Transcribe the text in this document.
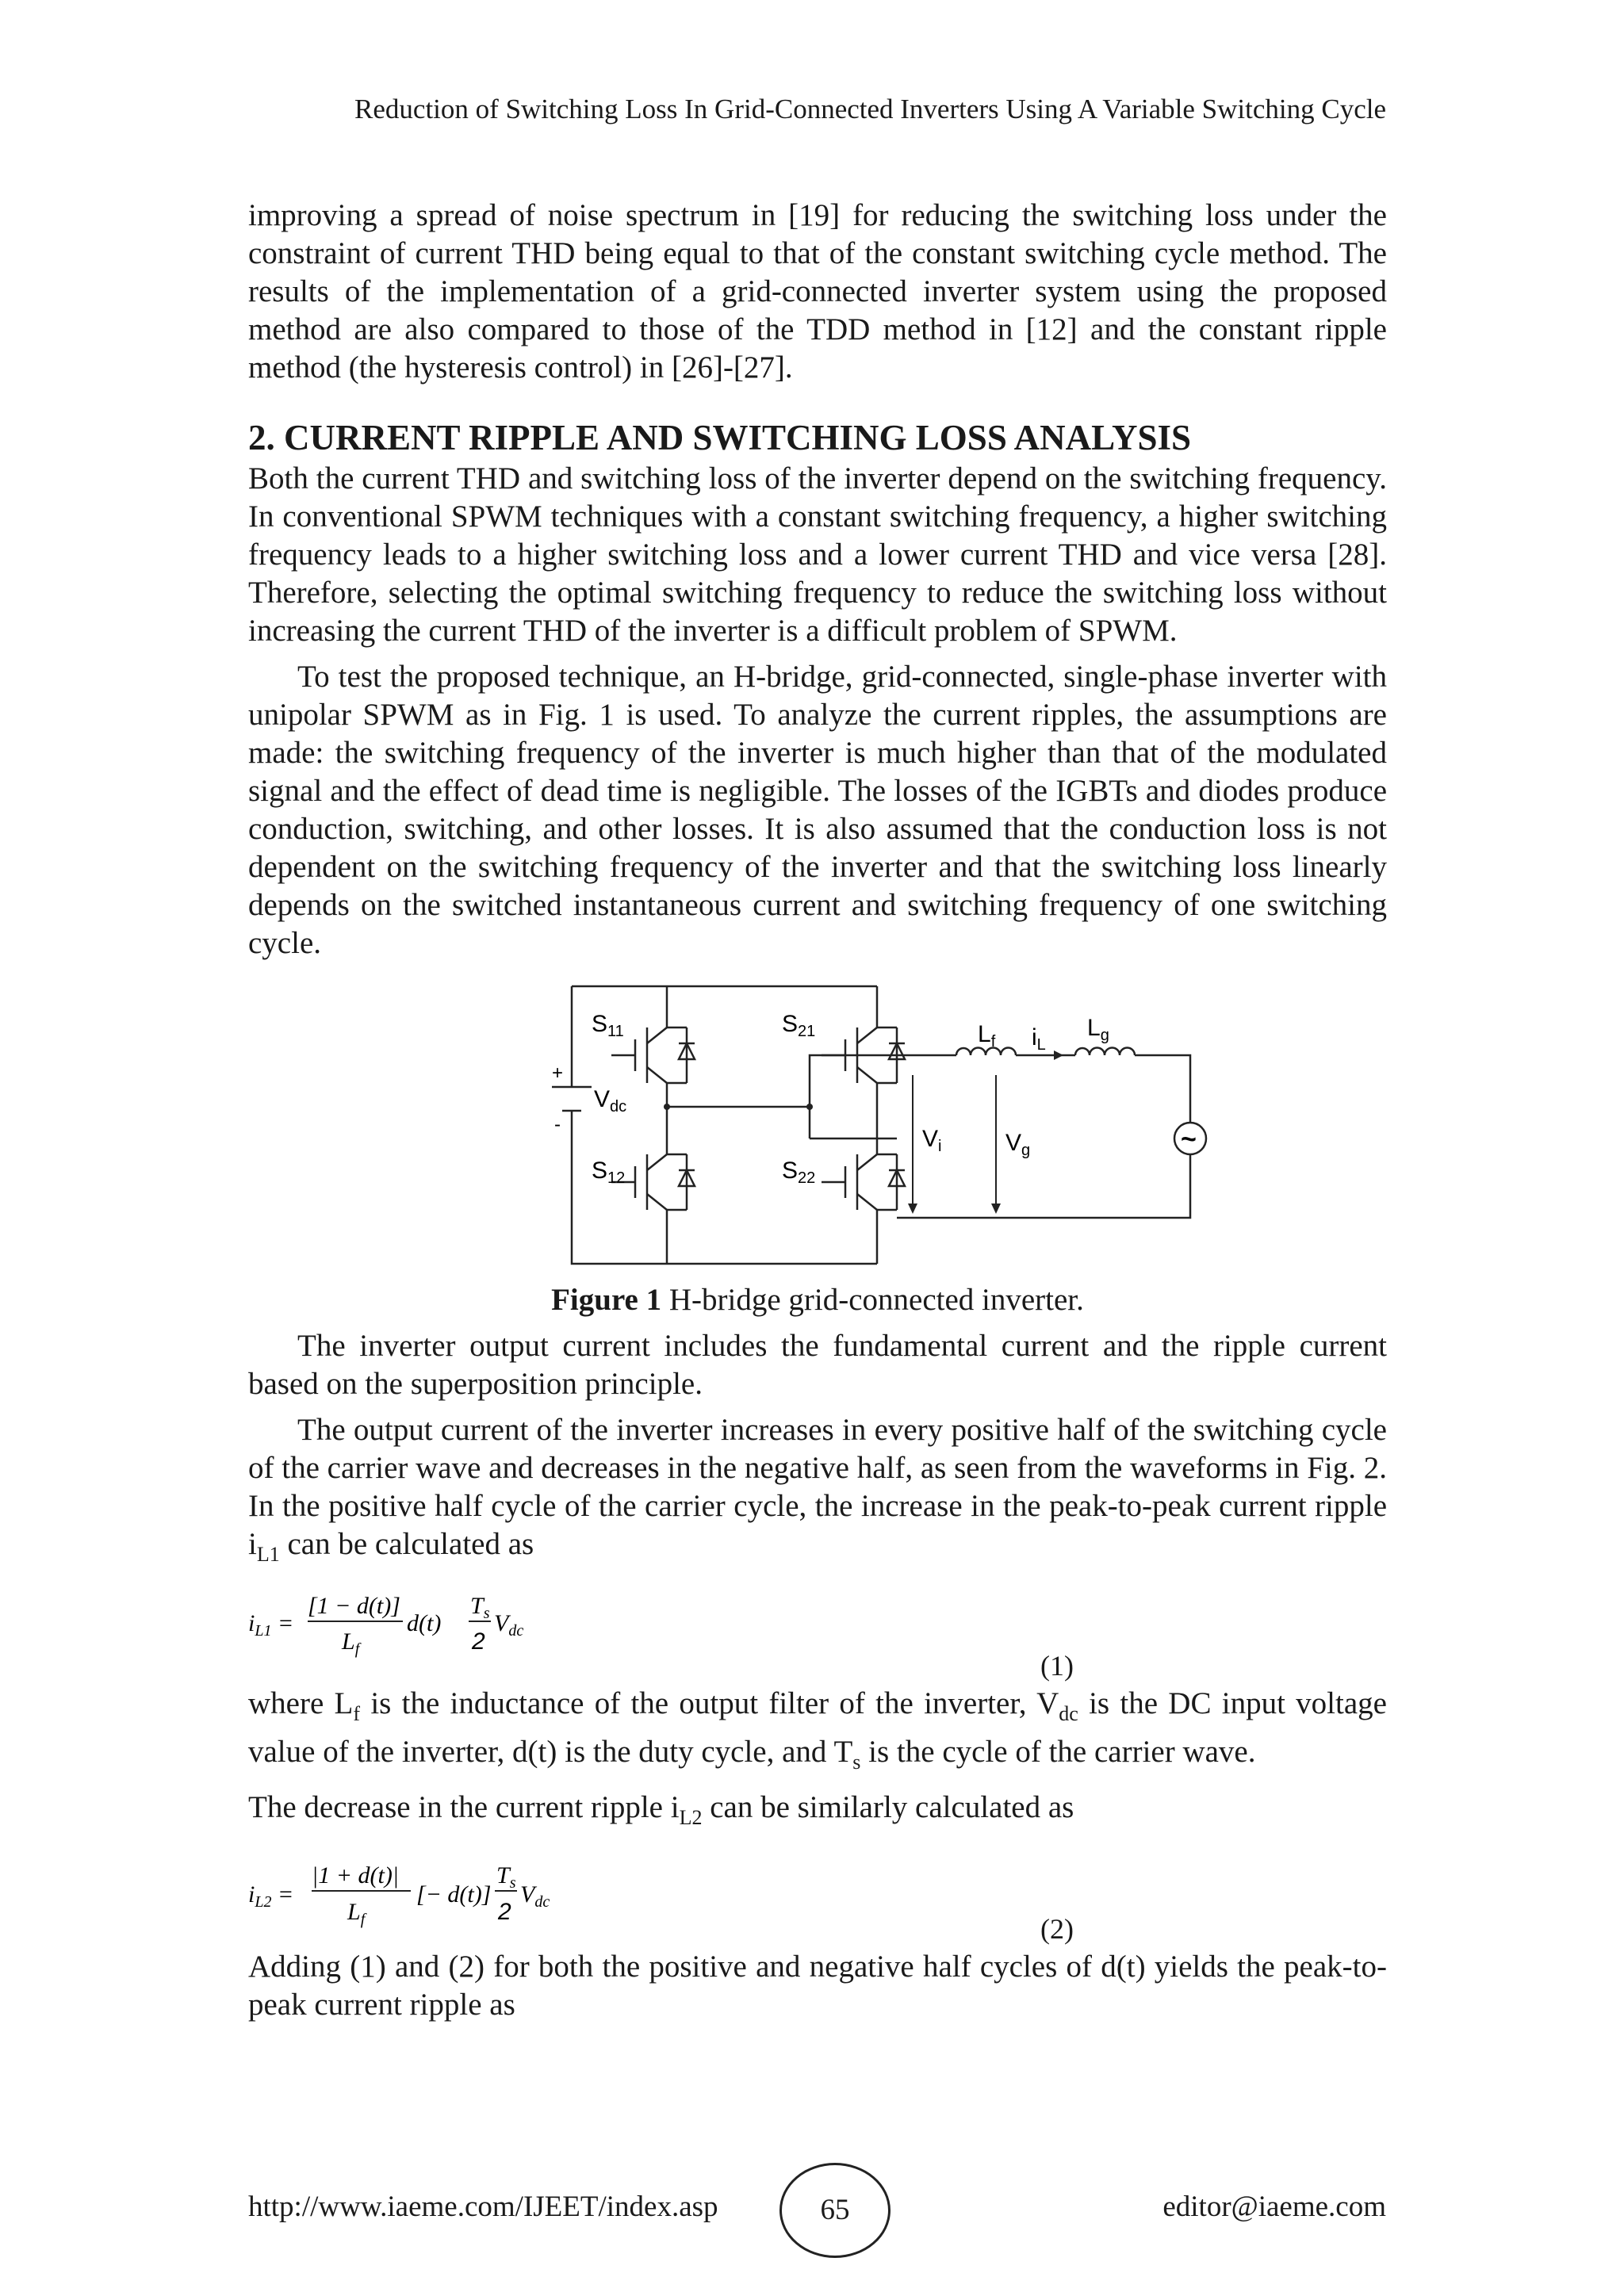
Reduction of Switching Loss In Grid-Connected Inverters Using A Variable Switching Cycle

improving a spread of noise spectrum in [19] for reducing the switching loss under the constraint of current THD being equal to that of the constant switching cycle method. The results of the implementation of a grid-connected inverter system using the proposed method are also compared to those of the TDD method in [12] and the constant ripple method (the hysteresis control) in [26]-[27].

2. CURRENT RIPPLE AND SWITCHING LOSS ANALYSIS

Both the current THD and switching loss of the inverter depend on the switching frequency. In conventional SPWM techniques with a constant switching frequency, a higher switching frequency leads to a higher switching loss and a lower current THD and vice versa [28]. Therefore, selecting the optimal switching frequency to reduce the switching loss without increasing the current THD of the inverter is a difficult problem of SPWM.

To test the proposed technique, an H-bridge, grid-connected, single-phase inverter with unipolar SPWM as in Fig. 1 is used. To analyze the current ripples, the assumptions are made: the switching frequency of the inverter is much higher than that of the modulated signal and the effect of dead time is negligible. The losses of the IGBTs and diodes produce conduction, switching, and other losses. It is also assumed that the conduction loss is not dependent on the switching frequency of the inverter and that the switching loss linearly depends on the switched instantaneous current and switching frequency of one switching cycle.

$S_{11}$	$S_{21}$
$S_{12}$	$S_{22}$
+
-
$V_{dc}$
$L_f$ $i_L$
$L_g$
$V_i$	$V_g$	~
Figure 1 H-bridge grid-connected inverter.

The inverter output current includes the fundamental current and the ripple current based on the superposition principle.

The output current of the inverter increases in every positive half of the switching cycle of the carrier wave and decreases in the negative half, as seen from the waveforms in Fig. 2. In the positive half cycle of the carrier cycle, the increase in the peak-to-peak current ripple $i_{L1}$ can be calculated as

$i_{L1}$ =
[1 − d(t)]
$L_f$
d(t)
$T_s$
2
$V_{dc}$
(1)

where $L_f$ is the inductance of the output filter of the inverter, $V_{dc}$ is the DC input voltage value of the inverter, d(t) is the duty cycle, and $T_s$ is the cycle of the carrier wave.

The decrease in the current ripple $i_{L2}$ can be similarly calculated as

$i_{L2}$ =
|1 + d(t)|
$L_f$
[− d(t)]
$T_s$
2
$V_{dc}$
(2)

Adding (1) and (2) for both the positive and negative half cycles of d(t) yields the peak-to-peak current ripple as

http://www.iaeme.com/IJEET/index.asp	65	editor@iaeme.com
